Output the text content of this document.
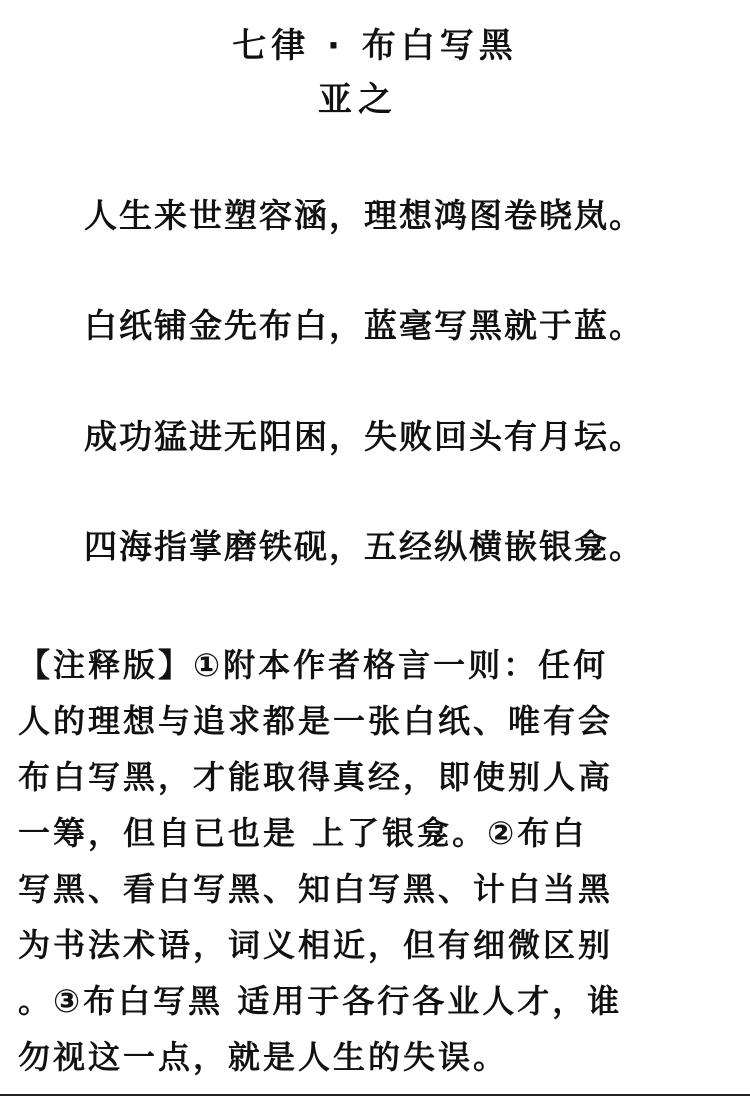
七律 · 布白写黑
亚之
人生来世塑容涵，理想鸿图卷晓岚。
白纸铺金先布白，蓝毫写黑就于蓝。
成功猛进无阳困，失败回头有月坛。
四海指掌磨铁砚，五经纵横嵌银龛。
【注释版】①附本作者格言一则：任何
人的理想与追求都是一张白纸、唯有会
布白写黑，才能取得真经，即使别人高
一筹，但自已也是 上了银龛。②布白
写黑、看白写黑、知白写黑、计白当黑
为书法术语，词义相近，但有细微区别
。③布白写黑 适用于各行各业人才，谁
勿视这一点，就是人生的失误。
